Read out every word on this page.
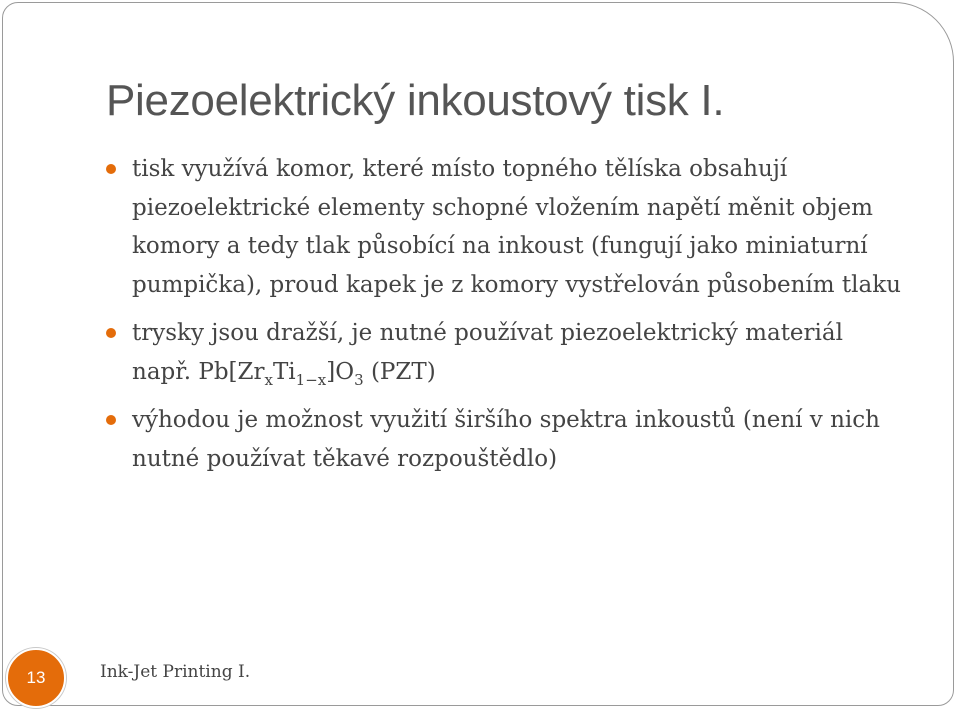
Piezoelektrický inkoustový tisk I.
tisk využívá komor, které místo topného tělíska obsahují piezoelektrické elementy schopné vložením napětí měnit objem komory a tedy tlak působící na inkoust (fungují jako miniaturní pumpička), proud kapek je z komory vystřelován působením tlaku
trysky jsou dražší, je nutné používat piezoelektrický materiál např. $Pb[Zr_xTi_{1-x}]O_3$ (PZT)
výhodou je možnost využití širšího spektra inkoustů (není v nich nutné používat těkavé rozpouštědlo)
13	Ink-Jet Printing I.
